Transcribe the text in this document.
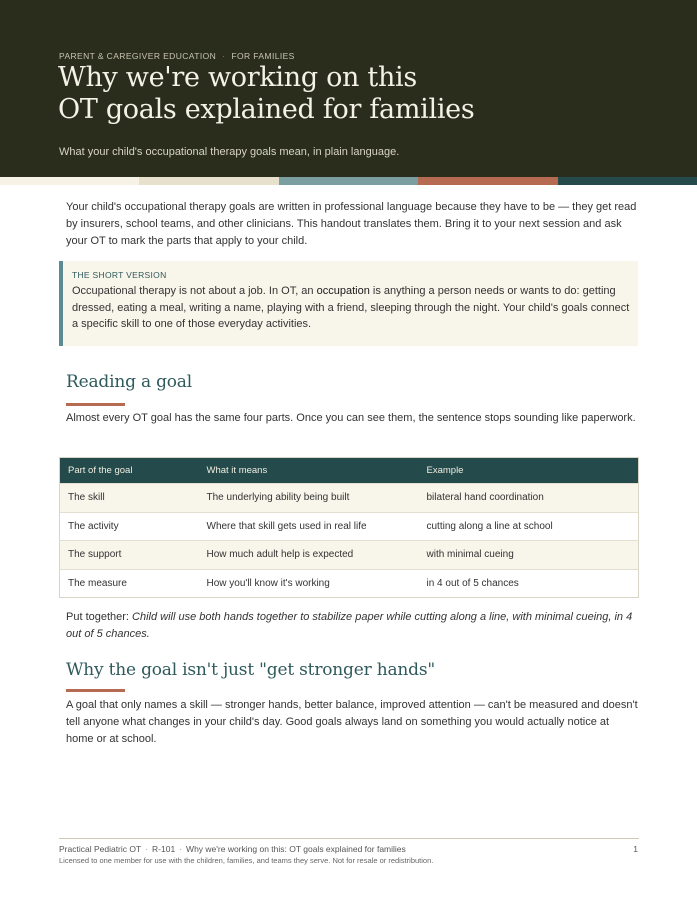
PARENT & CAREGIVER EDUCATION · FOR FAMILIES
Why we're working on this
OT goals explained for families
What your child's occupational therapy goals mean, in plain language.

Your child's occupational therapy goals are written in professional language because they have to be — they get read by insurers, school teams, and other clinicians. This handout translates them. Bring it to your next session and ask your OT to mark the parts that apply to your child.

THE SHORT VERSION

Occupational therapy is not about a job. In OT, an occupation is anything a person needs or wants to do: getting dressed, eating a meal, writing a name, playing with a friend, sleeping through the night. Your child's goals connect a specific skill to one of those everyday activities.

Reading a goal

Almost every OT goal has the same four parts. Once you can see them, the sentence stops sounding like paperwork.

Part of the goal	What it means	Example
The skill	The underlying ability being built	bilateral hand coordination
The activity	Where that skill gets used in real life	cutting along a line at school
The support	How much adult help is expected	with minimal cueing
The measure	How you'll know it's working	in 4 out of 5 chances

Put together: Child will use both hands together to stabilize paper while cutting along a line, with minimal cueing, in 4 out of 5 chances.

Why the goal isn't just "get stronger hands"

A goal that only names a skill — stronger hands, better balance, improved attention — can't be measured and doesn't tell anyone what changes in your child's day. Good goals always land on something you would actually notice at home or at school.

Practical Pediatric OT · R-101 · Why we're working on this: OT goals explained for families	1
Licensed to one member for use with the children, families, and teams they serve. Not for resale or redistribution.
